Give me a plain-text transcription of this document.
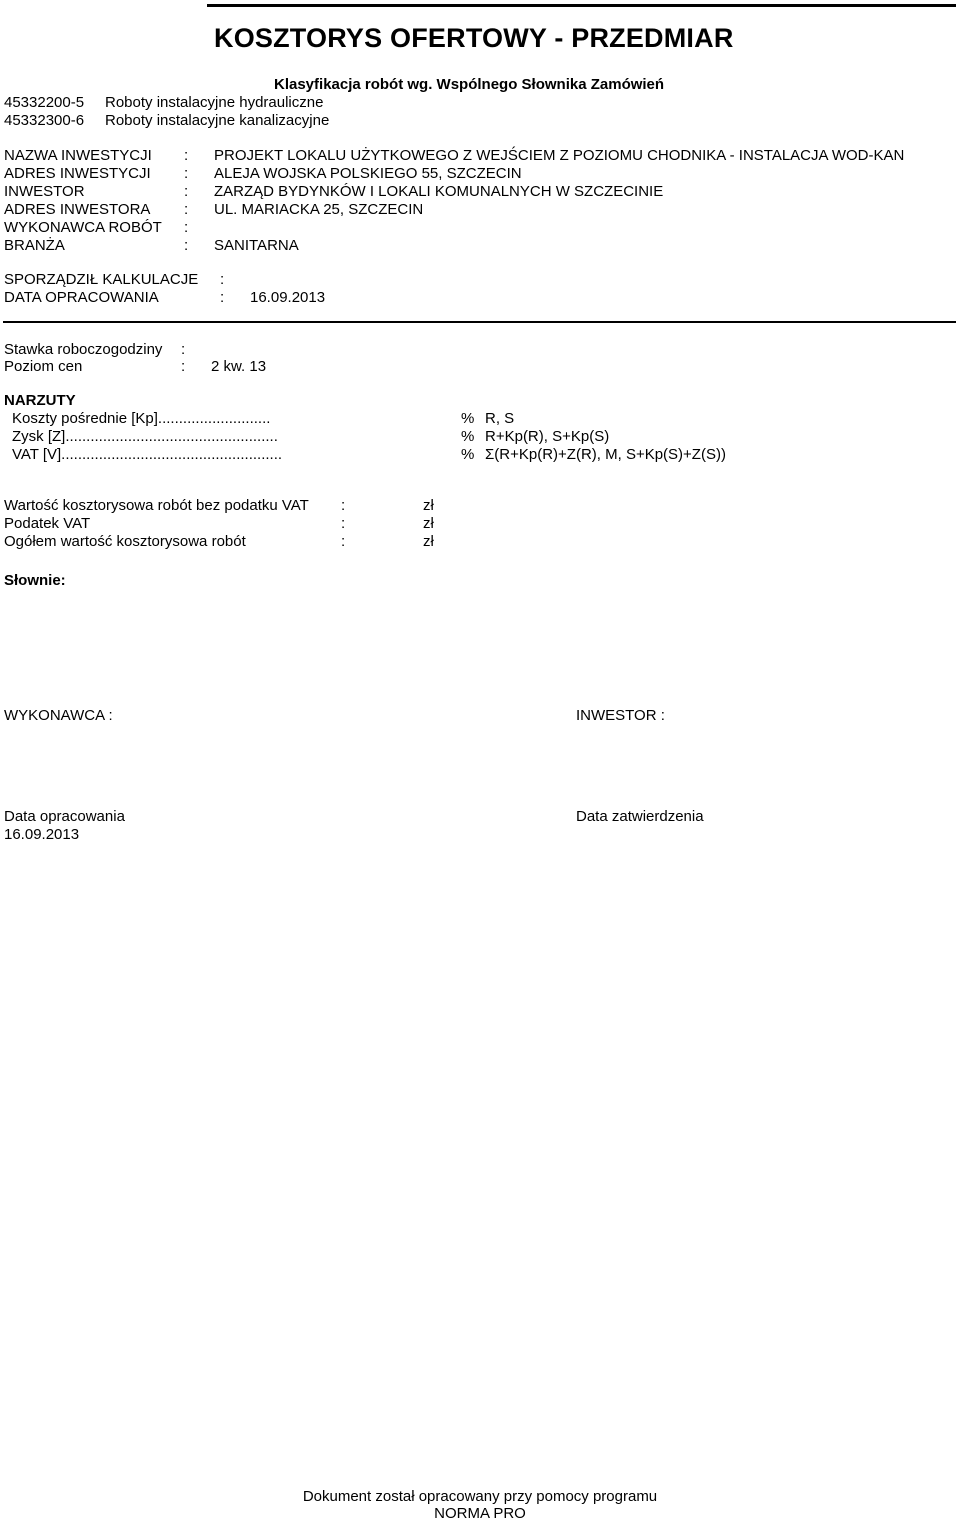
KOSZTORYS OFERTOWY - PRZEDMIAR
Klasyfikacja robót wg. Wspólnego Słownika Zamówień
45332200-5 Roboty instalacyjne hydrauliczne
45332300-6 Roboty instalacyjne kanalizacyjne
NAZWA INWESTYCJI : PROJEKT LOKALU UŻYTKOWEGO Z WEJŚCIEM Z POZIOMU CHODNIKA - INSTALACJA WOD-KAN
ADRES INWESTYCJI : ALEJA WOJSKA POLSKIEGO 55, SZCZECIN
INWESTOR	: ZARZĄD BYDYNKÓW I LOKALI KOMUNALNYCH W SZCZECINIE
ADRES INWESTORA : UL. MARIACKA 25, SZCZECIN
WYKONAWCA ROBÓT :
BRANŻA	: SANITARNA
SPORZĄDZIŁ KALKULACJE :
DATA OPRACOWANIA	: 16.09.2013
Stawka roboczogodziny :
Poziom cen	: 2 kw. 13
NARZUTY
Koszty pośrednie [Kp]...........................	% R, S
Zysk [Z]...................................................	% R+Kp(R), S+Kp(S)
VAT [V].....................................................	% Σ(R+Kp(R)+Z(R), M, S+Kp(S)+Z(S))
Wartość kosztorysowa robót bez podatku VAT :	zł
Podatek VAT	:	zł
Ogółem wartość kosztorysowa robót	:	zł
Słownie:
WYKONAWCA :	INWESTOR :
Data opracowania
16.09.2013
Data zatwierdzenia
Dokument został opracowany przy pomocy programu
NORMA PRO
